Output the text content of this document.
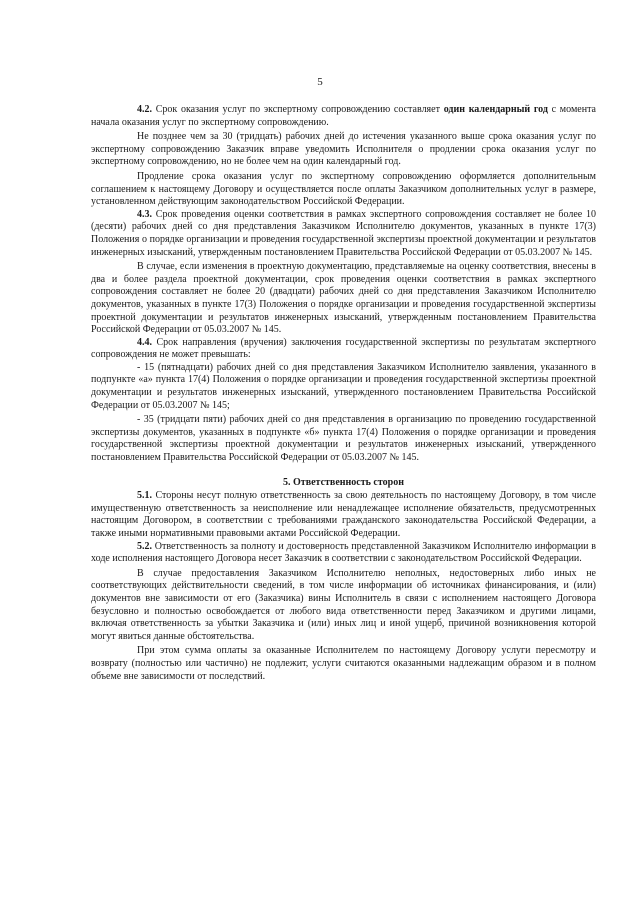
5

4.2. Срок оказания услуг по экспертному сопровождению составляет один календарный год с момента начала оказания услуг по экспертному сопровождению.

Не позднее чем за 30 (тридцать) рабочих дней до истечения указанного выше срока оказания услуг по экспертному сопровождению Заказчик вправе уведомить Исполнителя о продлении срока оказания услуг по экспертному сопровождению, но не более чем на один календарный год.

Продление срока оказания услуг по экспертному сопровождению оформляется дополнительным соглашением к настоящему Договору и осуществляется после оплаты Заказчиком дополнительных услуг в размере, установленном действующим законодательством Российской Федерации.

4.3. Срок проведения оценки соответствия в рамках экспертного сопровождения составляет не более 10 (десяти) рабочих дней со дня представления Заказчиком Исполнителю документов, указанных в пункте 17(3) Положения о порядке организации и проведения государственной экспертизы проектной документации и результатов инженерных изысканий, утвержденным постановлением Правительства Российской Федерации от 05.03.2007 № 145.

В случае, если изменения в проектную документацию, представляемые на оценку соответствия, внесены в два и более раздела проектной документации, срок проведения оценки соответствия в рамках экспертного сопровождения составляет не более 20 (двадцати) рабочих дней со дня представления Заказчиком Исполнителю документов, указанных в пункте 17(3) Положения о порядке организации и проведения государственной экспертизы проектной документации и результатов инженерных изысканий, утвержденным постановлением Правительства Российской Федерации от 05.03.2007 № 145.

4.4. Срок направления (вручения) заключения государственной экспертизы по результатам экспертного сопровождения не может превышать:

- 15 (пятнадцати) рабочих дней со дня представления Заказчиком Исполнителю заявления, указанного в подпункте «а» пункта 17(4) Положения о порядке организации и проведения государственной экспертизы проектной документации и результатов инженерных изысканий, утвержденного постановлением Правительства Российской Федерации от 05.03.2007 № 145;

- 35 (тридцати пяти) рабочих дней со дня представления в организацию по проведению государственной экспертизы документов, указанных в подпункте «б» пункта 17(4) Положения о порядке организации и проведения государственной экспертизы проектной документации и результатов инженерных изысканий, утвержденного постановлением Правительства Российской Федерации от 05.03.2007 № 145.

5. Ответственность сторон

5.1. Стороны несут полную ответственность за свою деятельность по настоящему Договору, в том числе имущественную ответственность за неисполнение или ненадлежащее исполнение обязательств, предусмотренных настоящим Договором, в соответствии с требованиями гражданского законодательства Российской Федерации, а также иными нормативными правовыми актами Российской Федерации.

5.2. Ответственность за полноту и достоверность представленной Заказчиком Исполнителю информации в ходе исполнения настоящего Договора несет Заказчик в соответствии с законодательством Российской Федерации.

В случае предоставления Заказчиком Исполнителю неполных, недостоверных либо иных не соответствующих действительности сведений, в том числе информации об источниках финансирования, и (или) документов вне зависимости от его (Заказчика) вины Исполнитель в связи с исполнением настоящего Договора безусловно и полностью освобождается от любого вида ответственности перед Заказчиком и другими лицами, включая ответственность за убытки Заказчика и (или) иных лиц и иной ущерб, причиной возникновения которой могут явиться данные обстоятельства.

При этом сумма оплаты за оказанные Исполнителем по настоящему Договору услуги пересмотру и возврату (полностью или частично) не подлежит, услуги считаются оказанными надлежащим образом и в полном объеме вне зависимости от последствий.
